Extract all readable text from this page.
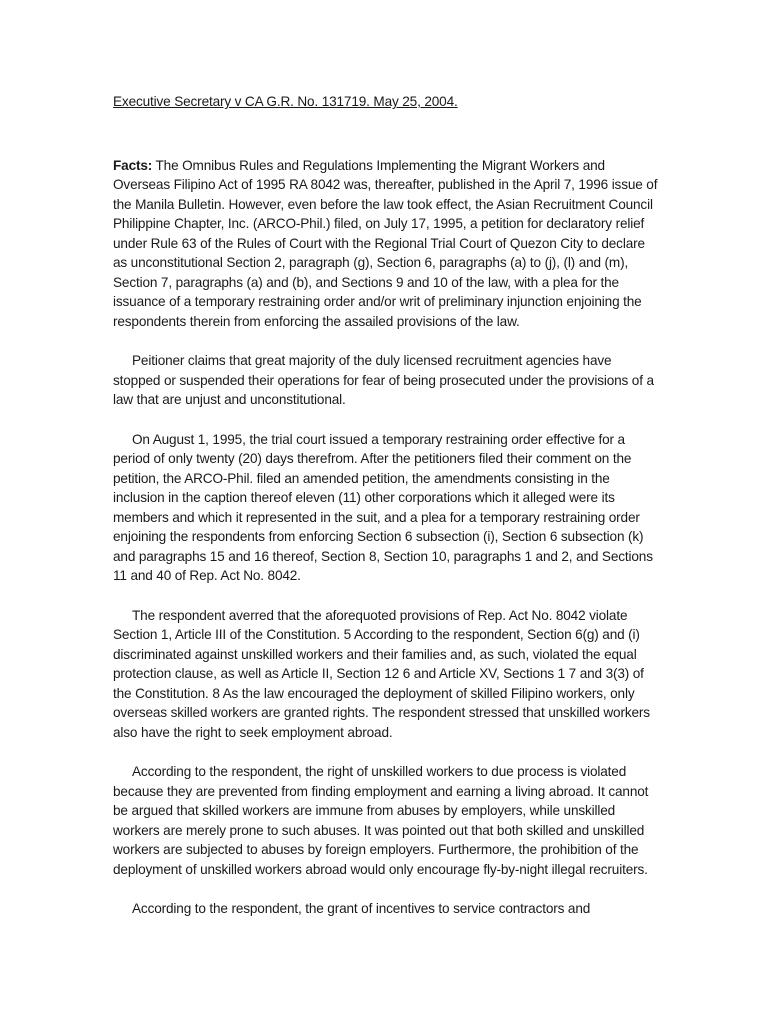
Executive Secretary v CA G.R. No. 131719. May 25, 2004.

Facts: The Omnibus Rules and Regulations Implementing the Migrant Workers and Overseas Filipino Act of 1995 RA 8042 was, thereafter, published in the April 7, 1996 issue of the Manila Bulletin. However, even before the law took effect, the Asian Recruitment Council Philippine Chapter, Inc. (ARCO-Phil.) filed, on July 17, 1995, a petition for declaratory relief under Rule 63 of the Rules of Court with the Regional Trial Court of Quezon City to declare as unconstitutional Section 2, paragraph (g), Section 6, paragraphs (a) to (j), (l) and (m), Section 7, paragraphs (a) and (b), and Sections 9 and 10 of the law, with a plea for the issuance of a temporary restraining order and/or writ of preliminary injunction enjoining the respondents therein from enforcing the assailed provisions of the law.

Peitioner claims that great majority of the duly licensed recruitment agencies have stopped or suspended their operations for fear of being prosecuted under the provisions of a law that are unjust and unconstitutional.

On August 1, 1995, the trial court issued a temporary restraining order effective for a period of only twenty (20) days therefrom. After the petitioners filed their comment on the petition, the ARCO-Phil. filed an amended petition, the amendments consisting in the inclusion in the caption thereof eleven (11) other corporations which it alleged were its members and which it represented in the suit, and a plea for a temporary restraining order enjoining the respondents from enforcing Section 6 subsection (i), Section 6 subsection (k) and paragraphs 15 and 16 thereof, Section 8, Section 10, paragraphs 1 and 2, and Sections 11 and 40 of Rep. Act No. 8042.

The respondent averred that the aforequoted provisions of Rep. Act No. 8042 violate Section 1, Article III of the Constitution. 5 According to the respondent, Section 6(g) and (i) discriminated against unskilled workers and their families and, as such, violated the equal protection clause, as well as Article II, Section 12 6 and Article XV, Sections 1 7 and 3(3) of the Constitution. 8 As the law encouraged the deployment of skilled Filipino workers, only overseas skilled workers are granted rights. The respondent stressed that unskilled workers also have the right to seek employment abroad.

According to the respondent, the right of unskilled workers to due process is violated because they are prevented from finding employment and earning a living abroad. It cannot be argued that skilled workers are immune from abuses by employers, while unskilled workers are merely prone to such abuses. It was pointed out that both skilled and unskilled workers are subjected to abuses by foreign employers. Furthermore, the prohibition of the deployment of unskilled workers abroad would only encourage fly-by-night illegal recruiters.

According to the respondent, the grant of incentives to service contractors and
